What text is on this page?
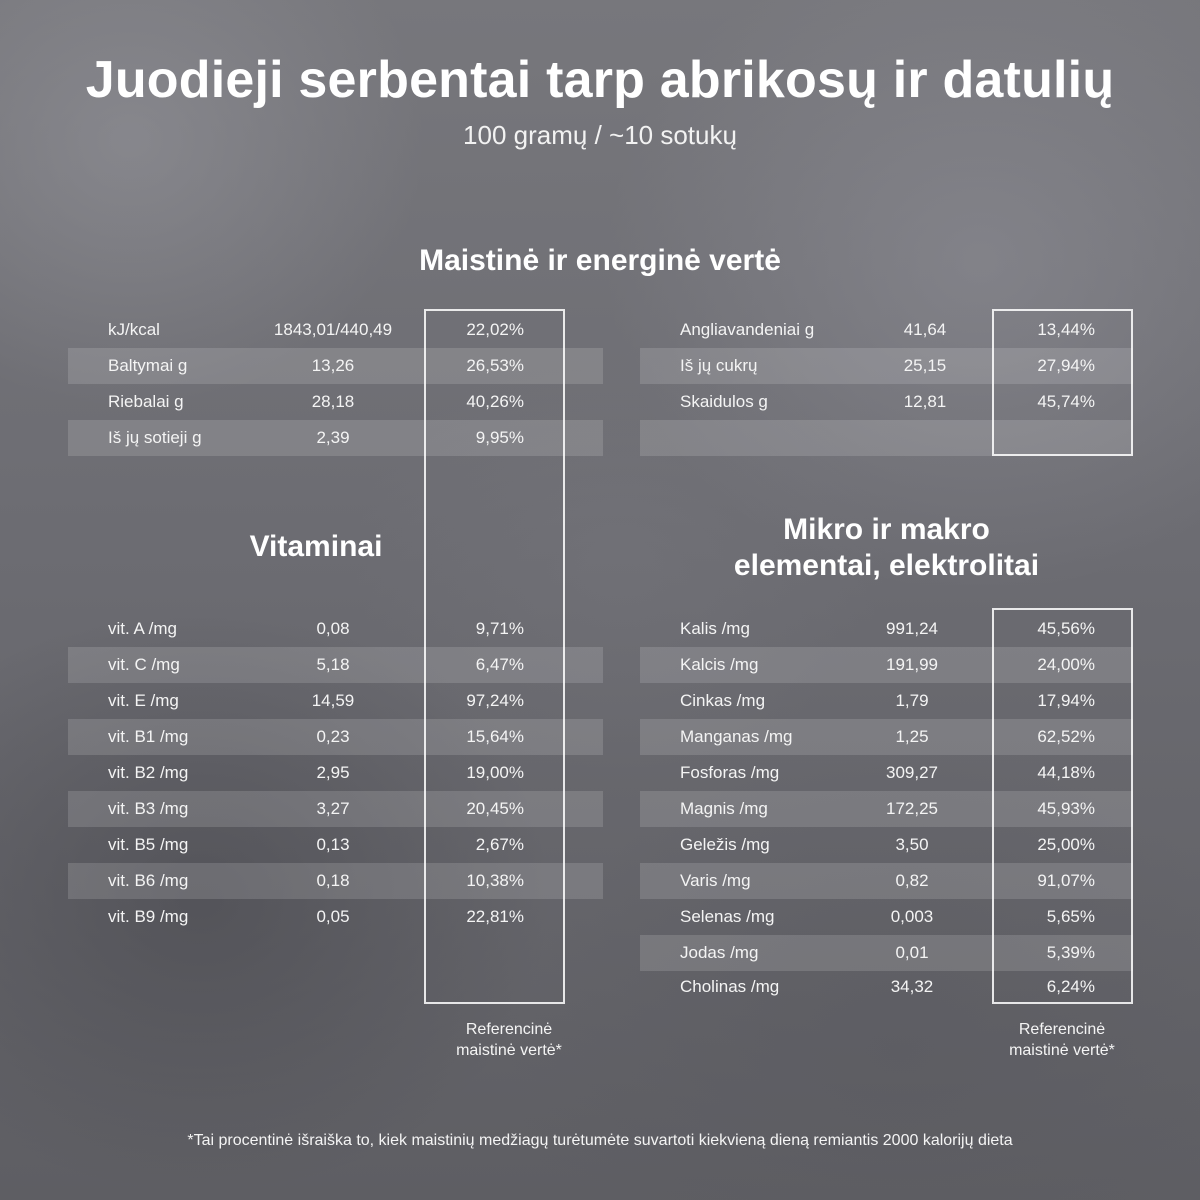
Juodieji serbentai tarp abrikosų ir datulių
100 gramų / ~10 sotukų
Maistinė ir energinė vertė
kJ/kcal	1843,01/440,49	22,02%
Baltymai g	13,26	26,53%
Riebalai g	28,18	40,26%
Iš jų sotieji g	2,39	9,95%
Angliavandeniai g	41,64	13,44%
Iš jų cukrų	25,15	27,94%
Skaidulos g	12,81	45,74%
Vitaminai
vit. A /mg	0,08	9,71%
vit. C /mg	5,18	6,47%
vit. E /mg	14,59	97,24%
vit. B1 /mg	0,23	15,64%
vit. B2 /mg	2,95	19,00%
vit. B3 /mg	3,27	20,45%
vit. B5 /mg	0,13	2,67%
vit. B6 /mg	0,18	10,38%
vit. B9 /mg	0,05	22,81%
Mikro ir makro
elementai, elektrolitai
Kalis /mg	991,24	45,56%
Kalcis /mg	191,99	24,00%
Cinkas /mg	1,79	17,94%
Manganas /mg	1,25	62,52%
Fosforas /mg	309,27	44,18%
Magnis /mg	172,25	45,93%
Geležis /mg	3,50	25,00%
Varis /mg	0,82	91,07%
Selenas /mg	0,003	5,65%
Jodas /mg	0,01	5,39%
Cholinas /mg	34,32	6,24%
Referencinė
maistinė vertė*
Referencinė
maistinė vertė*
*Tai procentinė išraiška to, kiek maistinių medžiagų turėtumėte suvartoti kiekvieną dieną remiantis 2000 kalorijų dieta
